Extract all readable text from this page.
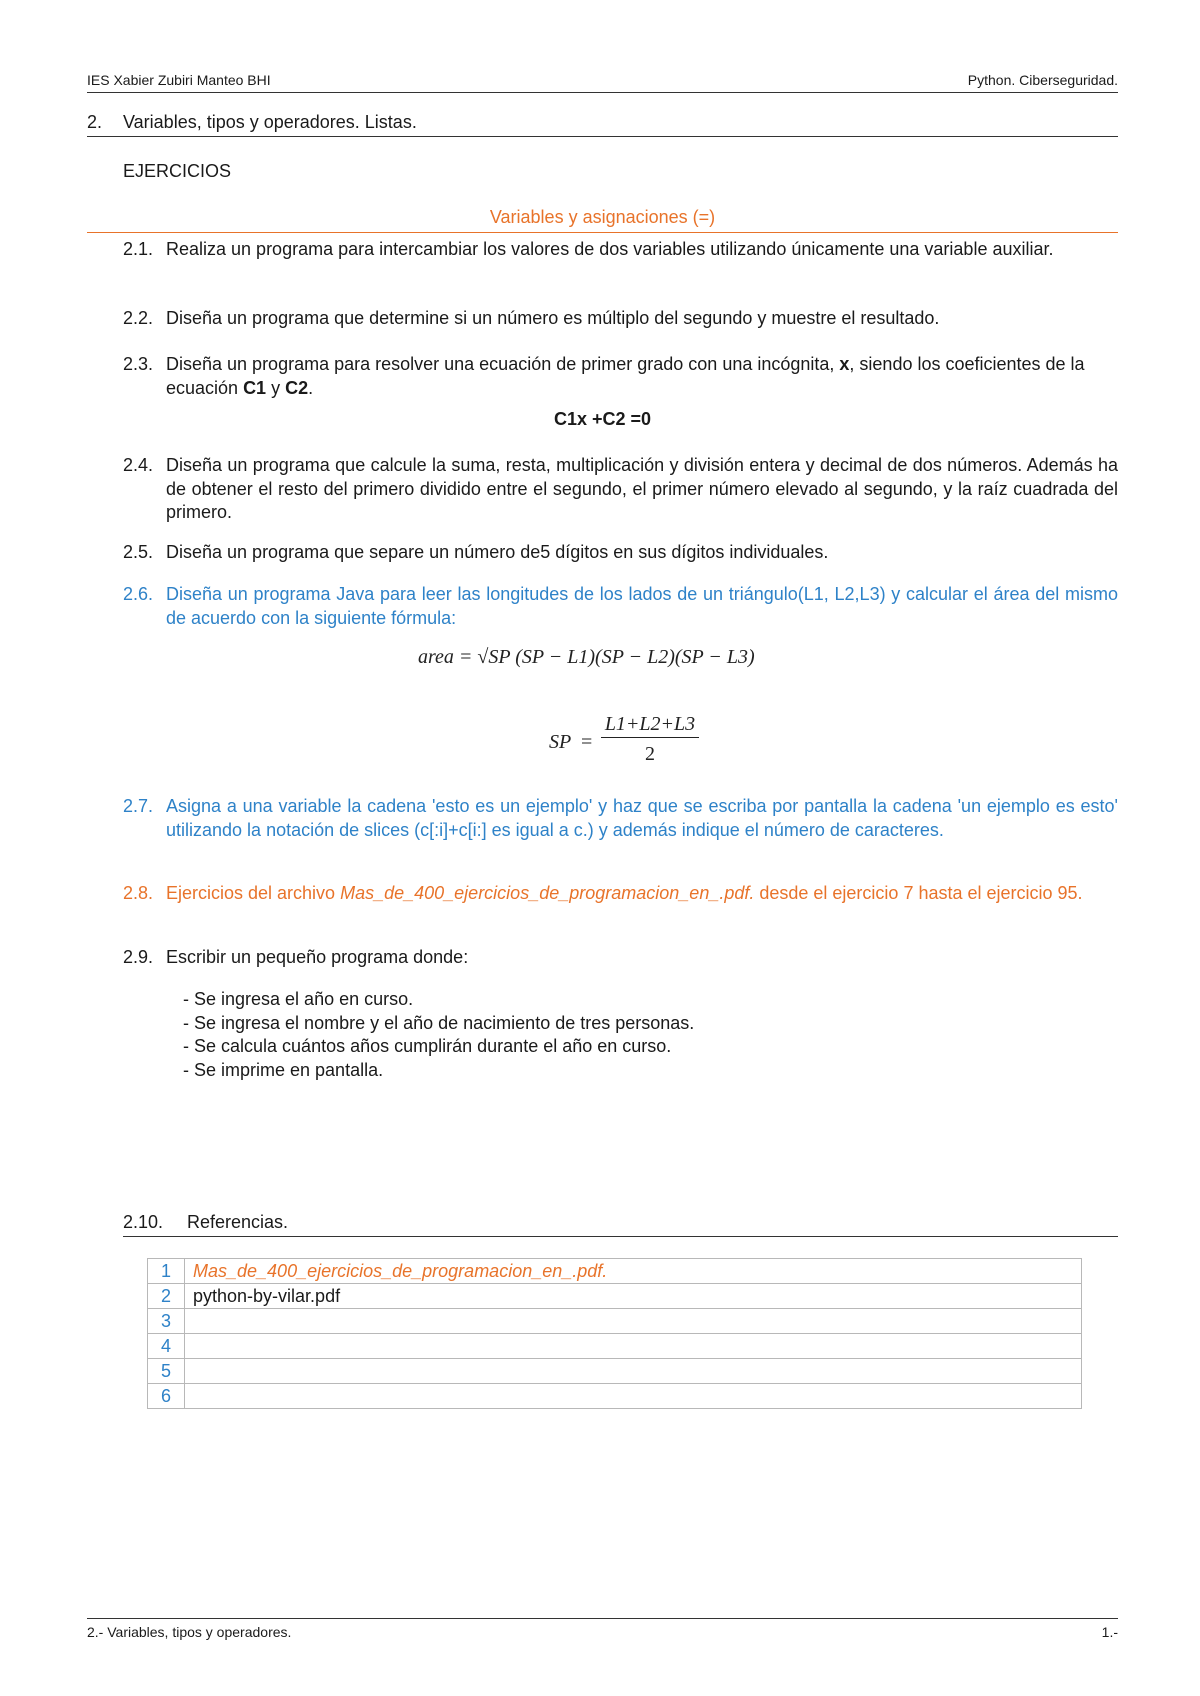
IES Xabier Zubiri Manteo BHI	Python. Ciberseguridad.
2. Variables, tipos y operadores. Listas.
EJERCICIOS
Variables y asignaciones (=)
2.1. Realiza un programa para intercambiar los valores de dos variables utilizando únicamente una variable auxiliar.
2.2. Diseña un programa que determine si un número es múltiplo del segundo y muestre el resultado.
2.3. Diseña un programa para resolver una ecuación de primer grado con una incógnita, x, siendo los coeficientes de la ecuación C1 y C2.
C1x +C2 =0
2.4. Diseña un programa que calcule la suma, resta, multiplicación y división entera y decimal de dos números. Además ha de obtener el resto del primero dividido entre el segundo, el primer número elevado al segundo, y la raíz cuadrada del primero.
2.5. Diseña un programa que separe un número de5 dígitos en sus dígitos individuales.
2.6. Diseña un programa Java para leer las longitudes de los lados de un triángulo(L1, L2,L3) y calcular el área del mismo de acuerdo con la siguiente fórmula:
area = √SP (SP − L1)(SP − L2)(SP − L3)
SP =
L1+L2+L3
2
2.7. Asigna a una variable la cadena 'esto es un ejemplo' y haz que se escriba por pantalla la cadena 'un ejemplo es esto' utilizando la notación de slices (c[:i]+c[i:] es igual a c.) y además indique el número de caracteres.
2.8. Ejercicios del archivo Mas_de_400_ejercicios_de_programacion_en_.pdf. desde el ejercicio 7 hasta el ejercicio 95.
2.9. Escribir un pequeño programa donde:
- Se ingresa el año en curso.
- Se ingresa el nombre y el año de nacimiento de tres personas.
- Se calcula cuántos años cumplirán durante el año en curso.
- Se imprime en pantalla.
2.10. Referencias.
1	Mas_de_400_ejercicios_de_programacion_en_.pdf.
2	python-by-vilar.pdf
3	
4	
5	
6	
2.- Variables, tipos y operadores.	1.-
